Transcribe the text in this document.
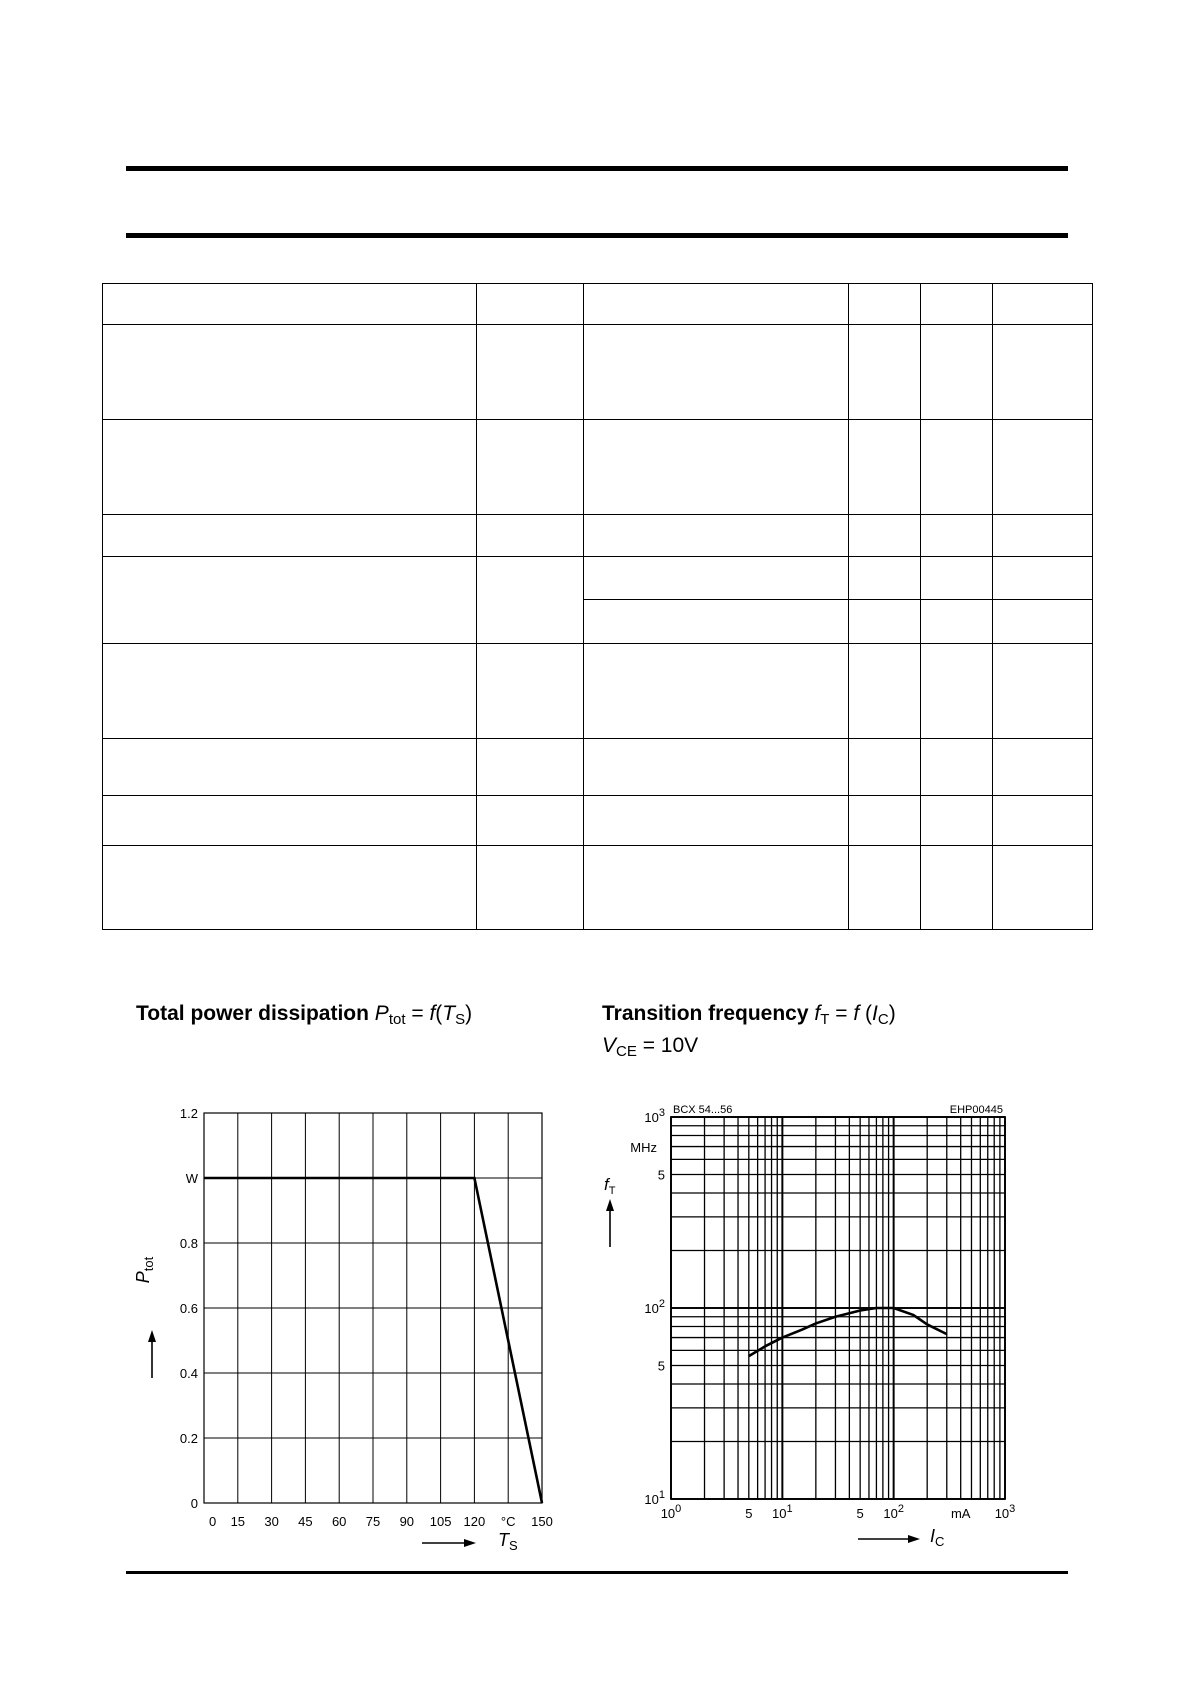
Total power dissipation $P_{tot} = f(T_S)$	Transition frequency $f_T = f$ $(I_C)$
$V_{CE} = 10V$
0 15 30 45 60 75 90 105 120 °C 150
0
0.2
0.4
0.6
0.8
W
1.2
$P_{tot}$
$T_S$
$10^0$	5 $10^1$	5 $10^2$	$10^3$
mA
$10^1$
5
$10^2$
5
$10^3$
MHz
BCX 54...56	EHP00445
$f_T$
$I_C$
